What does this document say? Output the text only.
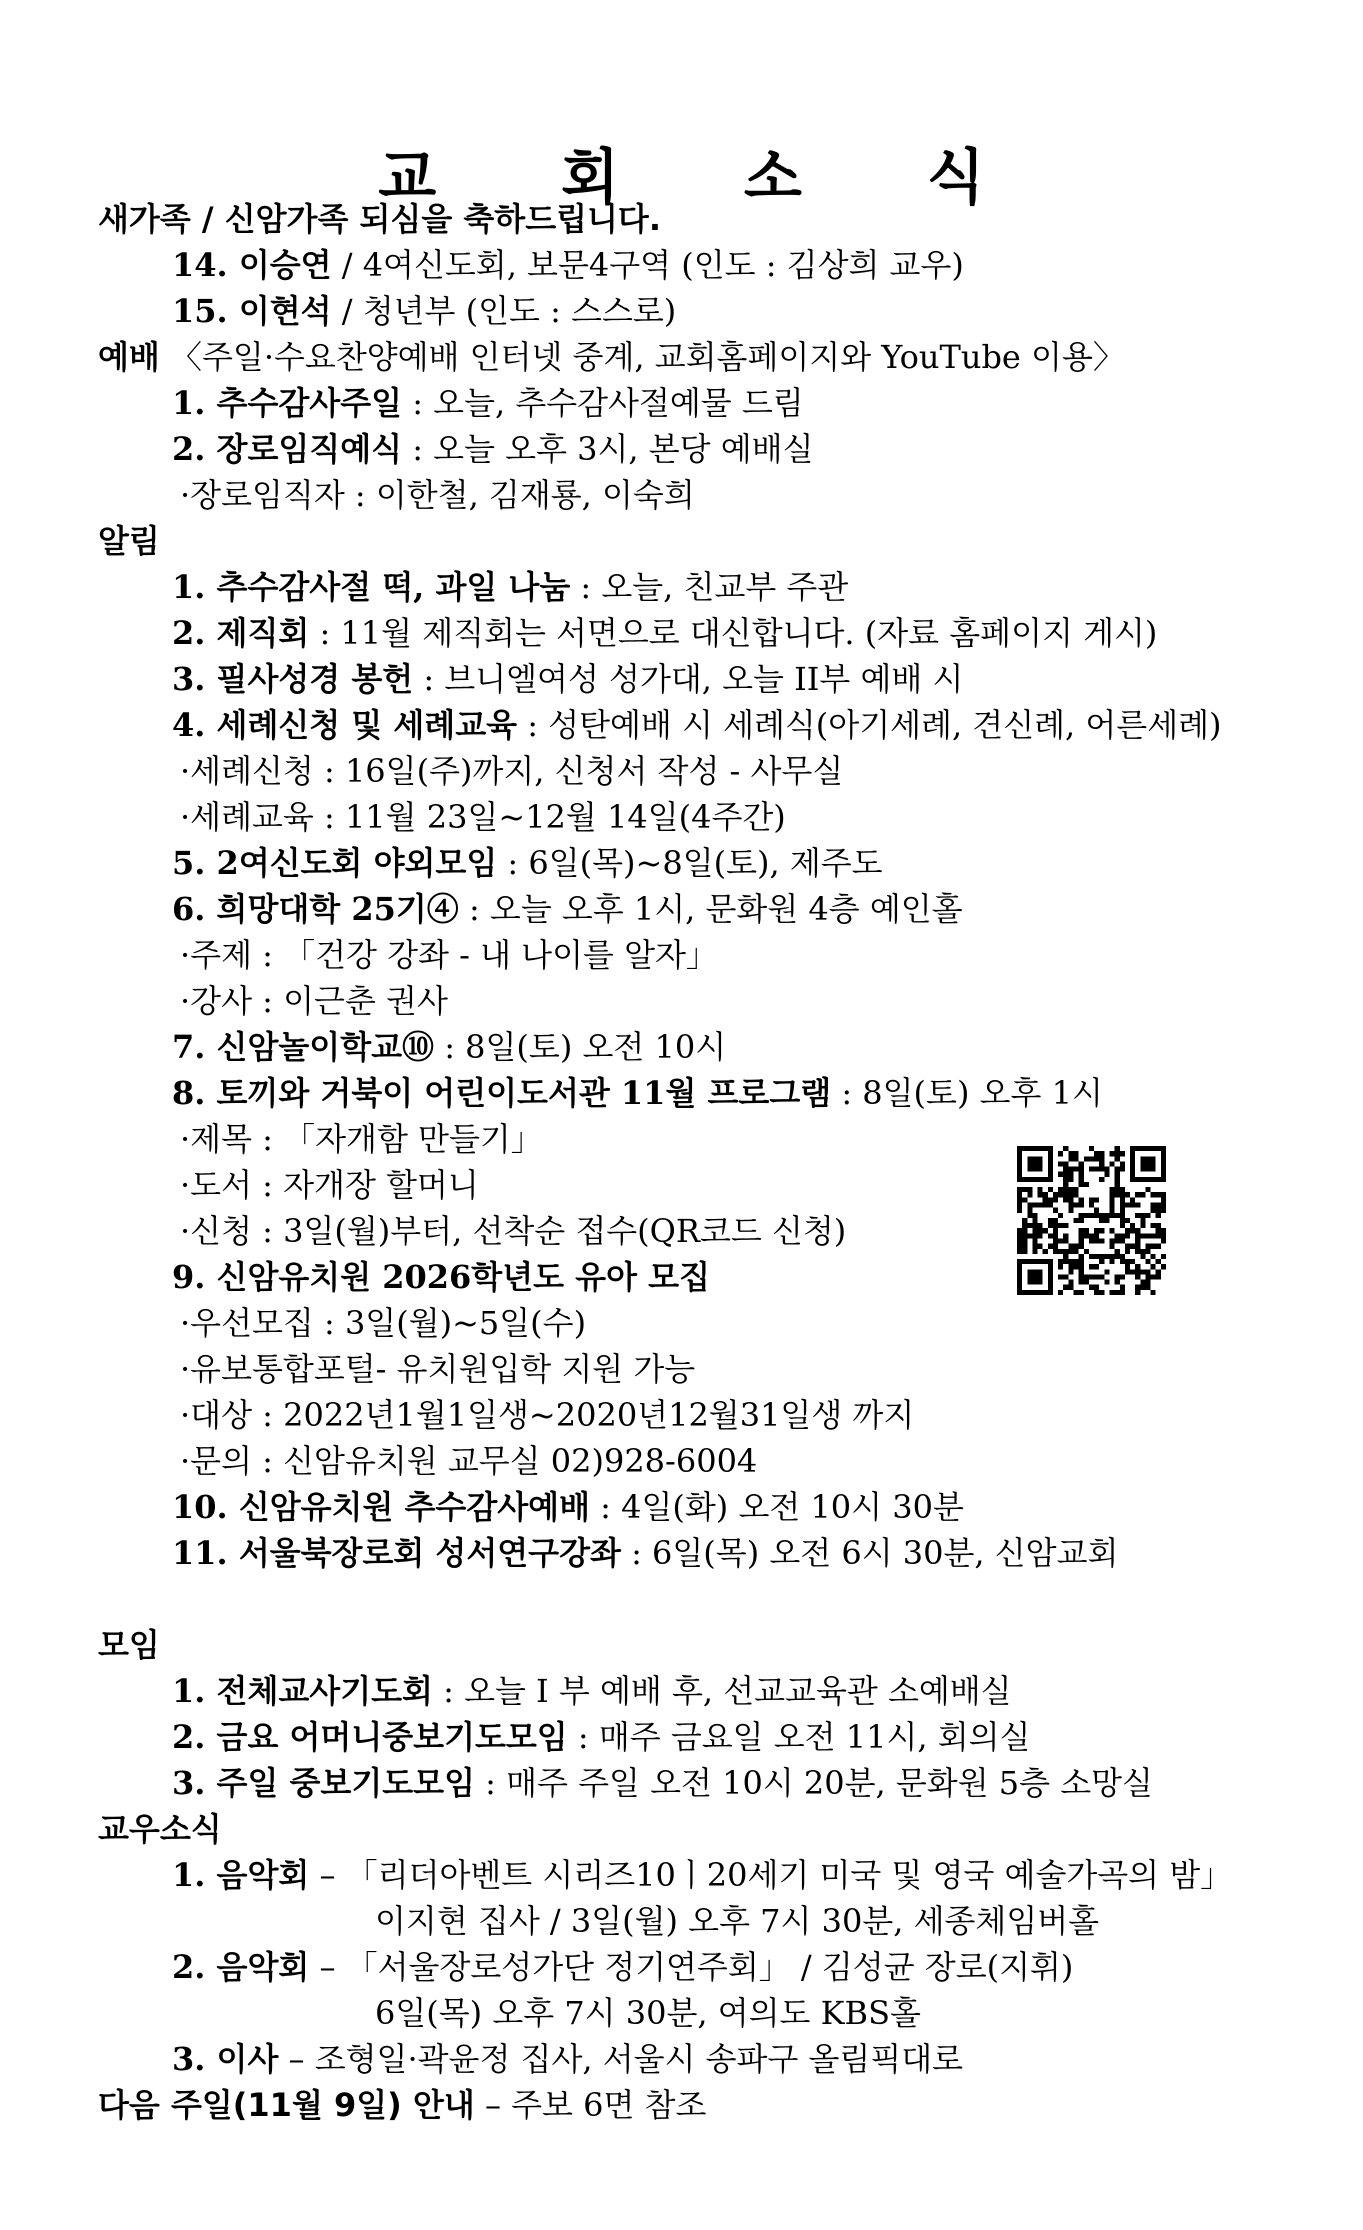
교 회 소 식
새가족 / 신암가족 되심을 축하드립니다.
14. 이승연 / 4여신도회, 보문4구역 (인도 : 김상희 교우)
15. 이현석 / 청년부 (인도 : 스스로)
예배 〈주일·수요찬양예배 인터넷 중계, 교회홈페이지와 YouTube 이용〉
1. 추수감사주일 : 오늘, 추수감사절예물 드림
2. 장로임직예식 : 오늘 오후 3시, 본당 예배실
·장로임직자 : 이한철, 김재룡, 이숙희
알림
1. 추수감사절 떡, 과일 나눔 : 오늘, 친교부 주관
2. 제직회 : 11월 제직회는 서면으로 대신합니다. (자료 홈페이지 게시)
3. 필사성경 봉헌 : 브니엘여성 성가대, 오늘 II부 예배 시
4. 세례신청 및 세례교육 : 성탄예배 시 세례식(아기세례, 견신례, 어른세례)
·세례신청 : 16일(주)까지, 신청서 작성 - 사무실
·세례교육 : 11월 23일~12월 14일(4주간)
5. 2여신도회 야외모임 : 6일(목)~8일(토), 제주도
6. 희망대학 25기④ : 오늘 오후 1시, 문화원 4층 예인홀
·주제 : 「건강 강좌 - 내 나이를 알자」
·강사 : 이근춘 권사
7. 신암놀이학교⑩ : 8일(토) 오전 10시
8. 토끼와 거북이 어린이도서관 11월 프로그램 : 8일(토) 오후 1시
·제목 : 「자개함 만들기」
·도서 : 자개장 할머니
·신청 : 3일(월)부터, 선착순 접수(QR코드 신청)
9. 신암유치원 2026학년도 유아 모집
·우선모집 : 3일(월)~5일(수)
·유보통합포털- 유치원입학 지원 가능
·대상 : 2022년1월1일생~2020년12월31일생 까지
·문의 : 신암유치원 교무실 02)928-6004
10. 신암유치원 추수감사예배 : 4일(화) 오전 10시 30분
11. 서울북장로회 성서연구강좌 : 6일(목) 오전 6시 30분, 신암교회
모임
1. 전체교사기도회 : 오늘 I 부 예배 후, 선교교육관 소예배실
2. 금요 어머니중보기도모임 : 매주 금요일 오전 11시, 회의실
3. 주일 중보기도모임 : 매주 주일 오전 10시 20분, 문화원 5층 소망실
교우소식
1. 음악회 – 「리더아벤트 시리즈10ㅣ20세기 미국 및 영국 예술가곡의 밤」
이지현 집사 / 3일(월) 오후 7시 30분, 세종체임버홀
2. 음악회 – 「서울장로성가단 정기연주회」 / 김성균 장로(지휘)
6일(목) 오후 7시 30분, 여의도 KBS홀
3. 이사 – 조형일·곽윤정 집사, 서울시 송파구 올림픽대로
다음 주일(11월 9일) 안내 – 주보 6면 참조
